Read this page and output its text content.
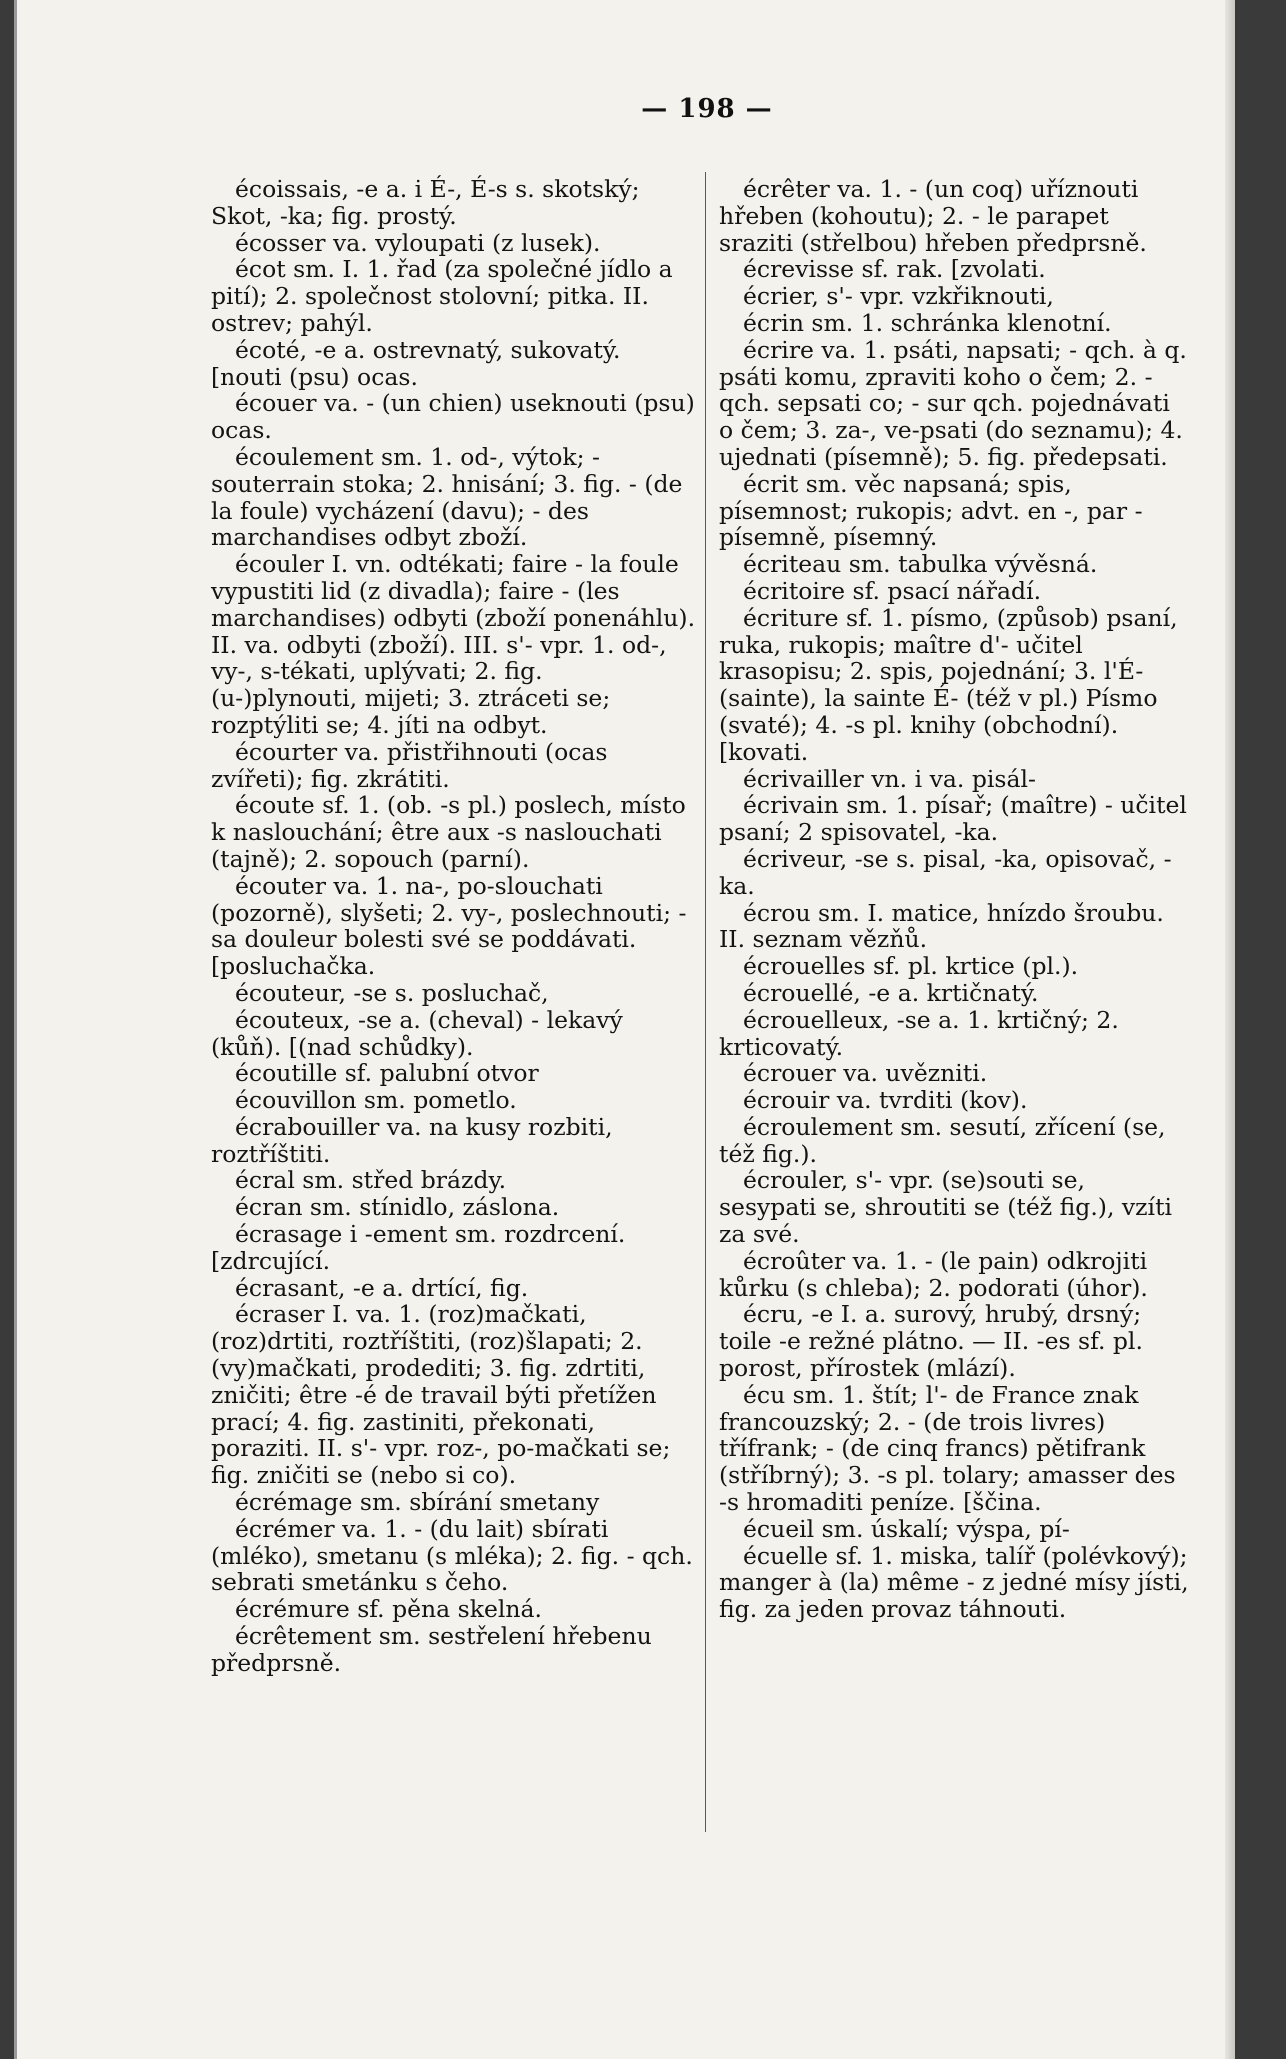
— 198 —
écoissais, -e a. i É-, É-s s. skotský; Skot, -ka; fig. prostý.
écosser va. vyloupati (z lusek).
écot sm. I. 1. řad (za společné jídlo a pití); 2. společnost stolovní; pitka. II. ostrev; pahýl.
écoté, -e a. ostrevnatý, sukovatý. [nouti (psu) ocas.
écouer va. - (un chien) useknouti (psu) ocas.
écoulement sm. 1. od-, výtok; - souterrain stoka; 2. hnisání; 3. fig. - (de la foule) vycházení (davu); - des marchandises odbyt zboží.
écouler I. vn. odtékati; faire - la foule vypustiti lid (z divadla); faire - (les marchandises) odbyti (zboží ponenáhlu). II. va. odbyti (zboží). III. s'- vpr. 1. od-, vy-, s-tékati, uplývati; 2. fig. (u-)plynouti, mijeti; 3. ztráceti se; rozptýliti se; 4. jíti na odbyt.
écourter va. přistřihnouti (ocas zvířeti); fig. zkrátiti.
écoute sf. 1. (ob. -s pl.) poslech, místo k naslouchání; être aux -s naslouchati (tajně); 2. sopouch (parní).
écouter va. 1. na-, po-slouchati (pozorně), slyšeti; 2. vy-, poslechnouti; - sa douleur bolesti své se poddávati. [posluchačka.
écouteur, -se s. posluchač,
écouteux, -se a. (cheval) - lekavý (kůň). [(nad schůdky).
écoutille sf. palubní otvor
écouvillon sm. pometlo.
écrabouiller va. na kusy rozbiti, roztříštiti.
écral sm. střed brázdy.
écran sm. stínidlo, záslona.
écrasage i -ement sm. rozdrcení. [zdrcující.
écrasant, -e a. drtící, fig.
écraser I. va. 1. (roz)mačkati, (roz)drtiti, roztříštiti, (roz)šlapati; 2. (vy)mačkati, prodediti; 3. fig. zdrtiti, zničiti; être -é de travail býti přetížen prací; 4. fig. zastiniti, překonati, poraziti. II. s'- vpr. roz-, po-mačkati se; fig. zničiti se (nebo si co).
écrémage sm. sbírání smetany
écrémer va. 1. - (du lait) sbírati (mléko), smetanu (s mléka); 2. fig. - qch. sebrati smetánku s čeho.
écrémure sf. pěna skelná.
écrêtement sm. sestřelení hřebenu předprsně.
écrêter va. 1. - (un coq) uříznouti hřeben (kohoutu); 2. - le parapet sraziti (střelbou) hřeben předprsně.
écrevisse sf. rak. [zvolati.
écrier, s'- vpr. vzkřiknouti,
écrin sm. 1. schránka klenotní.
écrire va. 1. psáti, napsati; - qch. à q. psáti komu, zpraviti koho o čem; 2. - qch. sepsati co; - sur qch. pojednávati o čem; 3. za-, ve-psati (do seznamu); 4. ujednati (písemně); 5. fig. předepsati.
écrit sm. věc napsaná; spis, písemnost; rukopis; advt. en -, par - písemně, písemný.
écriteau sm. tabulka vývěsná.
écritoire sf. psací nářadí.
écriture sf. 1. písmo, (způsob) psaní, ruka, rukopis; maître d'- učitel krasopisu; 2. spis, pojednání; 3. l'É- (sainte), la sainte É- (též v pl.) Písmo (svaté); 4. -s pl. knihy (obchodní). [kovati.
écrivailler vn. i va. pisál-
écrivain sm. 1. písař; (maître) - učitel psaní; 2 spisovatel, -ka.
écriveur, -se s. pisal, -ka, opisovač, -ka.
écrou sm. I. matice, hnízdo šroubu. II. seznam vězňů.
écrouelles sf. pl. krtice (pl.).
écrouellé, -e a. krtičnatý.
écrouelleux, -se a. 1. krtičný; 2. krticovatý.
écrouer va. uvězniti.
écrouir va. tvrditi (kov).
écroulement sm. sesutí, zřícení (se, též fig.).
écrouler, s'- vpr. (se)souti se, sesypati se, shroutiti se (též fig.), vzíti za své.
écroûter va. 1. - (le pain) odkrojiti kůrku (s chleba); 2. podorati (úhor).
écru, -e I. a. surový, hrubý, drsný; toile -e režné plátno. — II. -es sf. pl. porost, přírostek (mlází).
écu sm. 1. štít; l'- de France znak francouzský; 2. - (de trois livres) třífrank; - (de cinq francs) pětifrank (stříbrný); 3. -s pl. tolary; amasser des -s hromaditi peníze. [ščina.
écueil sm. úskalí; výspa, pí-
écuelle sf. 1. miska, talíř (polévkový); manger à (la) même - z jedné mísy jísti, fig. za jeden provaz táhnouti.
